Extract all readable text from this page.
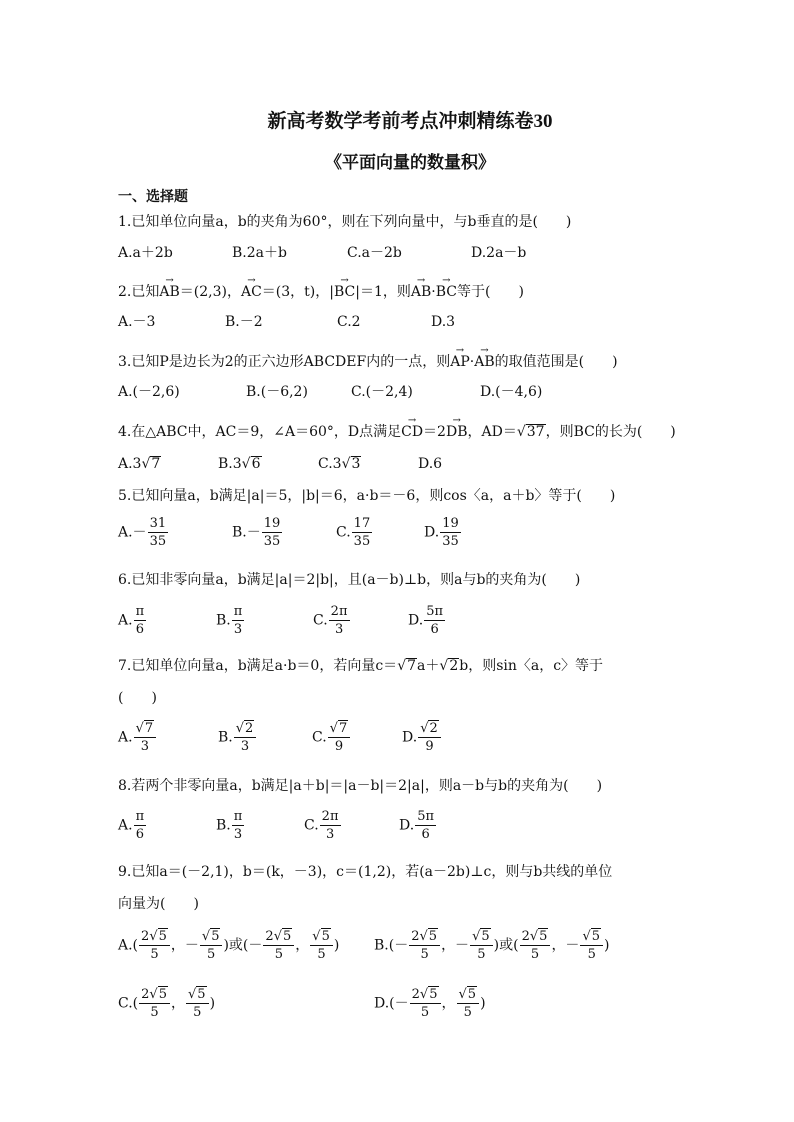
新高考数学考前考点冲刺精练卷30
《平面向量的数量积》
一、选择题
1.已知单位向量a，b的夹角为60°，则在下列向量中，与b垂直的是(　　)
A.a＋2b	B.2a＋b	C.a－2b	D.2a－b
2.已知→ AB＝(2,3)，→ AC＝(3，t)，|→ BC|＝1，则→ AB·→ BC等于(　　)
A.－3	B.－2	C.2	D.3
3.已知P是边长为2的正六边形ABCDEF内的一点，则→ AP·→ AB的取值范围是(　　)
A.(－2,6)	B.(－6,2)	C.(－2,4)	D.(－4,6)
4.在△ABC中，AC＝9，∠A＝60°，D点满足→ CD＝2→ DB，AD＝√37，则BC的长为(　　)
A.3√7	B.3√6	C.3√3	D.6
5.已知向量a，b满足|a|＝5，|b|＝6，a·b＝－6，则cos〈a，a＋b〉等于(　　)
$A.- \frac{31}{35}$	$B.- \frac{19}{35}$	C. $\frac{17}{35}$	D. $\frac{19}{35}$
6.已知非零向量a，b满足|a|＝2|b|，且(a－b)⊥b，则a与b的夹角为(　　)
A. $\frac{\pi}{6}$	B. $\frac{\pi}{3}$	C. $\frac{2\pi}{3}$	D. $\frac{5\pi}{6}$
7.已知单位向量a，b满足a·b＝0，若向量c＝√7a＋√2b，则sin〈a，c〉等于
(　　)
A. $\frac{√7}{3}$	B. $\frac{√2}{3}$	C. $\frac{√7}{9}$	D. $\frac{√2}{9}$
8.若两个非零向量a，b满足|a＋b|＝|a－b|＝2|a|，则a－b与b的夹角为(　　)
A. $\frac{\pi}{6}$	B. $\frac{\pi}{3}$	C. $\frac{2\pi}{3}$	D. $\frac{5\pi}{6}$
9.已知a＝(－2,1)，b＝(k，－3)，c＝(1,2)，若(a－2b)⊥c，则与b共线的单位
向量为(　　)
$A.( \frac{2√5}{5}$ ，－ $\frac{√5}{5}$ )或(－ $\frac{2√5}{5}$ ， $\frac{√5}{5}$ ) $B.(- \frac{2√5}{5}$ ，－ $\frac{√5}{5}$ )或( $\frac{2√5}{5}$ ，－ $\frac{√5}{5}$ )
$C.( \frac{2√5}{5}$ ， $\frac{√5}{5}$ )	$D.(- \frac{2√5}{5}$ ， $\frac{√5}{5}$ )
